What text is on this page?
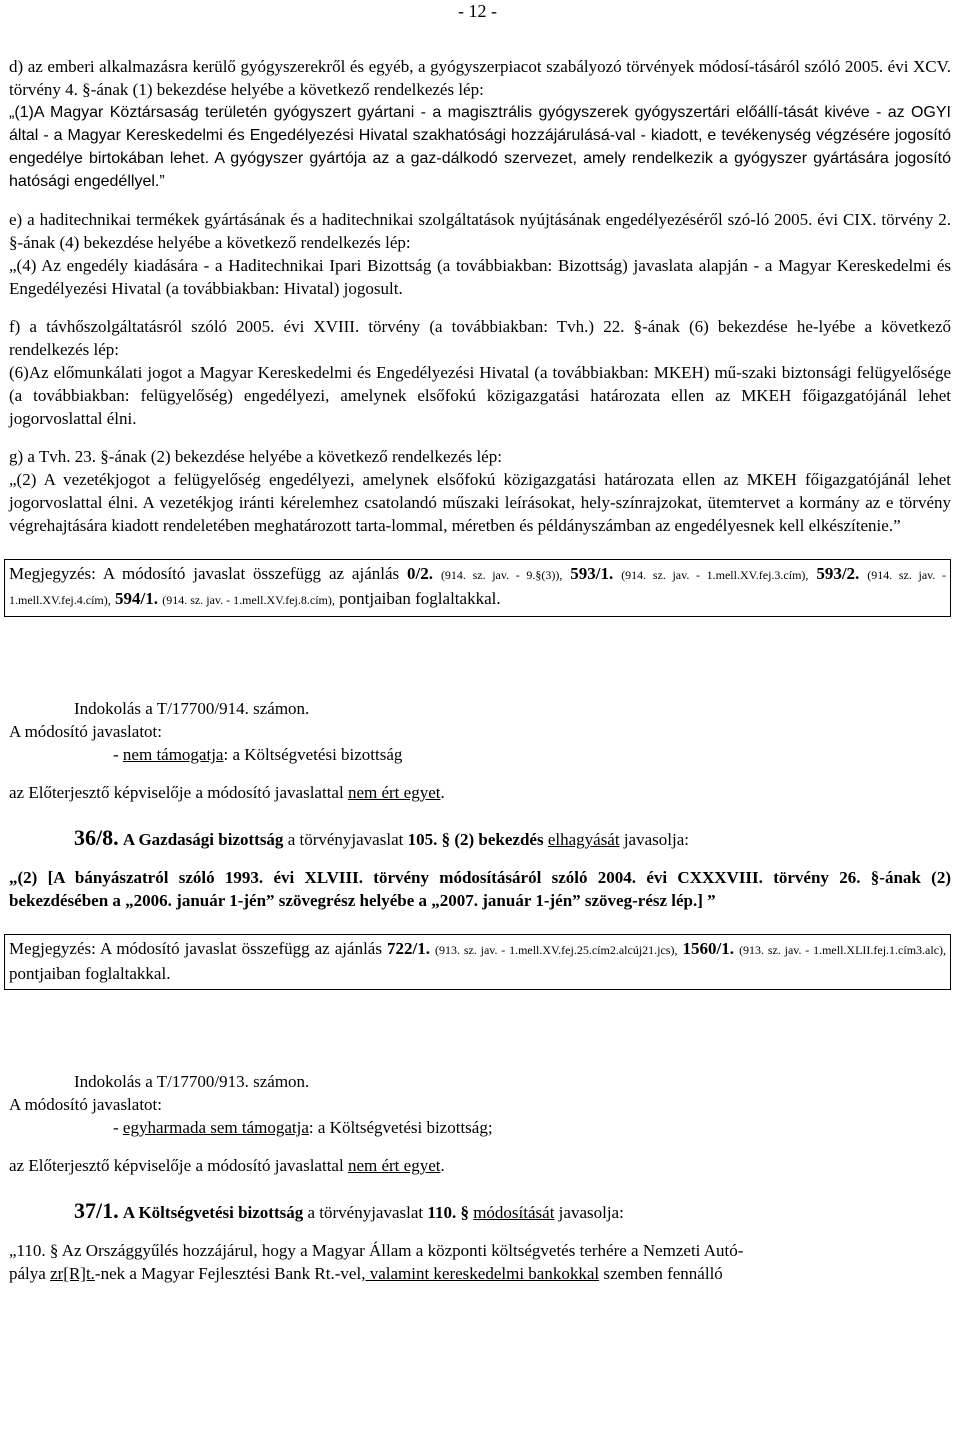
- 12 -

d) az emberi alkalmazásra kerülő gyógyszerekről és egyéb, a gyógyszerpiacot szabályozó törvények módosí-tásáról szóló 2005. évi XCV. törvény 4. §-ának (1) bekezdése helyébe a következő rendelkezés lép:

„(1)A Magyar Köztársaság területén gyógyszert gyártani - a magisztrális gyógyszerek gyógyszertári előállí-tását kivéve - az OGYI által - a Magyar Kereskedelmi és Engedélyezési Hivatal szakhatósági hozzájárulásá-val - kiadott, e tevékenység végzésére jogosító engedélye birtokában lehet. A gyógyszer gyártója az a gaz-dálkodó szervezet, amely rendelkezik a gyógyszer gyártására jogosító hatósági engedéllyel.”

e) a haditechnikai termékek gyártásának és a haditechnikai szolgáltatások nyújtásának engedélyezéséről szó-ló 2005. évi CIX. törvény 2. §-ának (4) bekezdése helyébe a következő rendelkezés lép:

„(4) Az engedély kiadására - a Haditechnikai Ipari Bizottság (a továbbiakban: Bizottság) javaslata alapján - a Magyar Kereskedelmi és Engedélyezési Hivatal (a továbbiakban: Hivatal) jogosult.

f) a távhőszolgáltatásról szóló 2005. évi XVIII. törvény (a továbbiakban: Tvh.) 22. §-ának (6) bekezdése he-lyébe a következő rendelkezés lép:

(6)Az előmunkálati jogot a Magyar Kereskedelmi és Engedélyezési Hivatal (a továbbiakban: MKEH) mű-szaki biztonsági felügyelősége (a továbbiakban: felügyelőség) engedélyezi, amelynek elsőfokú közigazgatási határozata ellen az MKEH főigazgatójánál lehet jogorvoslattal élni.

g) a Tvh. 23. §-ának (2) bekezdése helyébe a következő rendelkezés lép:

„(2) A vezetékjogot a felügyelőség engedélyezi, amelynek elsőfokú közigazgatási határozata ellen az MKEH főigazgatójánál lehet jogorvoslattal élni. A vezetékjog iránti kérelemhez csatolandó műszaki leírásokat, hely-színrajzokat, ütemtervet a kormány az e törvény végrehajtására kiadott rendeletében meghatározott tarta-lommal, méretben és példányszámban az engedélyesnek kell elkészítenie.”

Megjegyzés: A módosító javaslat összefügg az ajánlás 0/2. (914. sz. jav. - 9.§(3)), 593/1. (914. sz. jav. - 1.mell.XV.fej.3.cím), 593/2. (914. sz. jav. - 1.mell.XV.fej.4.cím), 594/1. (914. sz. jav. - 1.mell.XV.fej.8.cím), pontjaiban foglaltakkal.

Indokolás a T/17700/914. számon.

A módosító javaslatot:

- nem támogatja: a Költségvetési bizottság

az Előterjesztő képviselője a módosító javaslattal nem ért egyet.

36/8. A Gazdasági bizottság a törvényjavaslat 105. § (2) bekezdés elhagyását javasolja:

„(2) [A bányászatról szóló 1993. évi XLVIII. törvény módosításáról szóló 2004. évi CXXXVIII. törvény 26. §-ának (2) bekezdésében a „2006. január 1-jén” szövegrész helyébe a „2007. január 1-jén” szöveg-rész lép.] ”

Megjegyzés: A módosító javaslat összefügg az ajánlás 722/1. (913. sz. jav. - 1.mell.XV.fej.25.cím2.alcúj21.jcs), 1560/1. (913. sz. jav. - 1.mell.XLII.fej.1.cím3.alc), pontjaiban foglaltakkal.

Indokolás a T/17700/913. számon.

A módosító javaslatot:

- egyharmada sem támogatja: a Költségvetési bizottság;

az Előterjesztő képviselője a módosító javaslattal nem ért egyet.

37/1. A Költségvetési bizottság a törvényjavaslat 110. § módosítását javasolja:

„110. § Az Országgyűlés hozzájárul, hogy a Magyar Állam a központi költségvetés terhére a Nemzeti Autó-

pálya zr[R]t.-nek a Magyar Fejlesztési Bank Rt.-vel, valamint kereskedelmi bankokkal szemben fennálló
